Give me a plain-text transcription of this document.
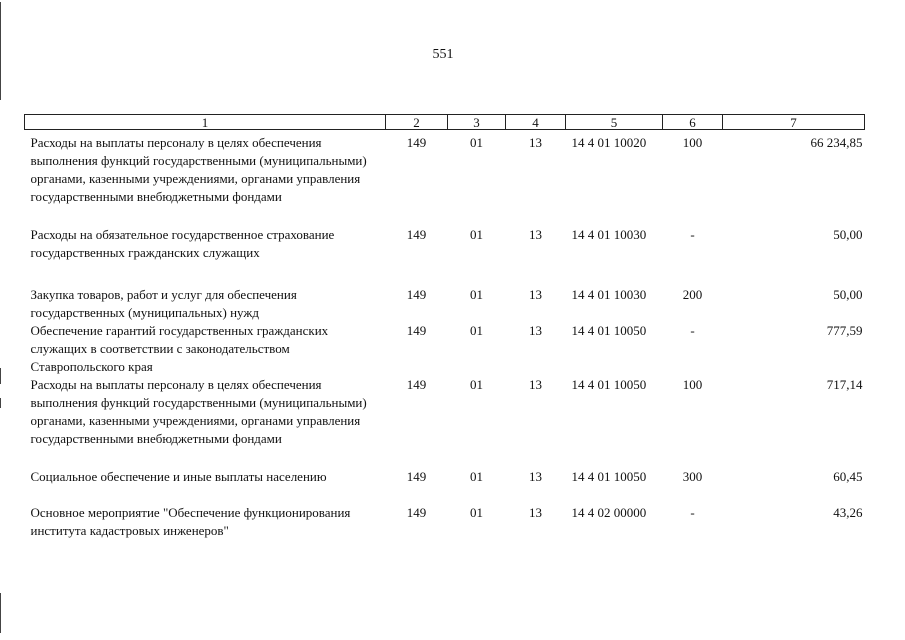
551
1	2	3	4	5	6	7
Расходы на выплаты персоналу в целях обеспечения выполнения функций государственными (муниципальными) органами, казенными учреждениями, органами управления государственными внебюджетными фондами	149	01	13	14 4 01 10020	100	66 234,85
Расходы на обязательное государственное страхование государственных гражданских служащих	149	01	13	14 4 01 10030	-	50,00
Закупка товаров, работ и услуг для обеспечения государственных (муниципальных) нужд	149	01	13	14 4 01 10030	200	50,00
Обеспечение гарантий государственных гражданских служащих в соответствии с законодательством Ставропольского края	149	01	13	14 4 01 10050	-	777,59
Расходы на выплаты персоналу в целях обеспечения выполнения функций государственными (муниципальными) органами, казенными учреждениями, органами управления государственными внебюджетными фондами	149	01	13	14 4 01 10050	100	717,14
Социальное обеспечение и иные выплаты населению	149	01	13	14 4 01 10050	300	60,45
Основное мероприятие "Обеспечение функционирования института кадастровых инженеров"	149	01	13	14 4 02 00000	-	43,26
